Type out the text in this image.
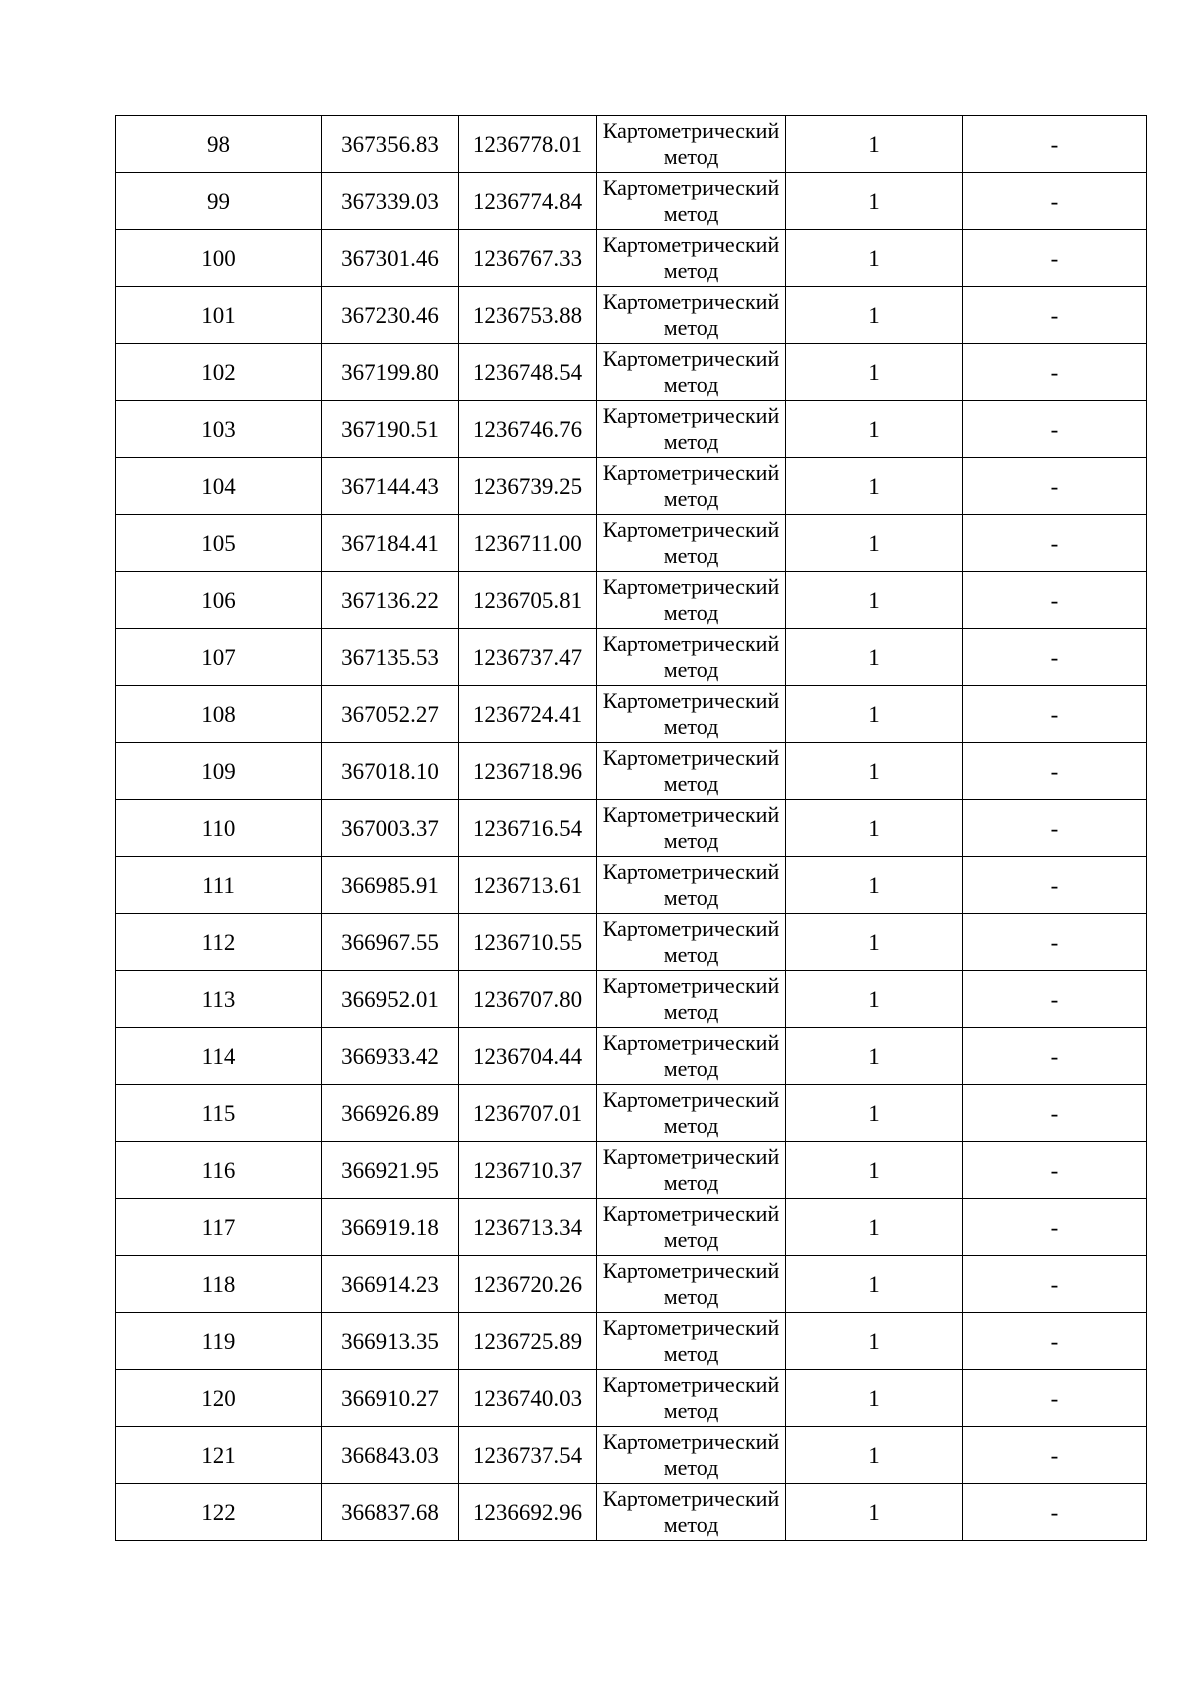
98	367356.83	1236778.01	Картометрический метод	1	-
99	367339.03	1236774.84	Картометрический метод	1	-
100	367301.46	1236767.33	Картометрический метод	1	-
101	367230.46	1236753.88	Картометрический метод	1	-
102	367199.80	1236748.54	Картометрический метод	1	-
103	367190.51	1236746.76	Картометрический метод	1	-
104	367144.43	1236739.25	Картометрический метод	1	-
105	367184.41	1236711.00	Картометрический метод	1	-
106	367136.22	1236705.81	Картометрический метод	1	-
107	367135.53	1236737.47	Картометрический метод	1	-
108	367052.27	1236724.41	Картометрический метод	1	-
109	367018.10	1236718.96	Картометрический метод	1	-
110	367003.37	1236716.54	Картометрический метод	1	-
111	366985.91	1236713.61	Картометрический метод	1	-
112	366967.55	1236710.55	Картометрический метод	1	-
113	366952.01	1236707.80	Картометрический метод	1	-
114	366933.42	1236704.44	Картометрический метод	1	-
115	366926.89	1236707.01	Картометрический метод	1	-
116	366921.95	1236710.37	Картометрический метод	1	-
117	366919.18	1236713.34	Картометрический метод	1	-
118	366914.23	1236720.26	Картометрический метод	1	-
119	366913.35	1236725.89	Картометрический метод	1	-
120	366910.27	1236740.03	Картометрический метод	1	-
121	366843.03	1236737.54	Картометрический метод	1	-
122	366837.68	1236692.96	Картометрический метод	1	-
